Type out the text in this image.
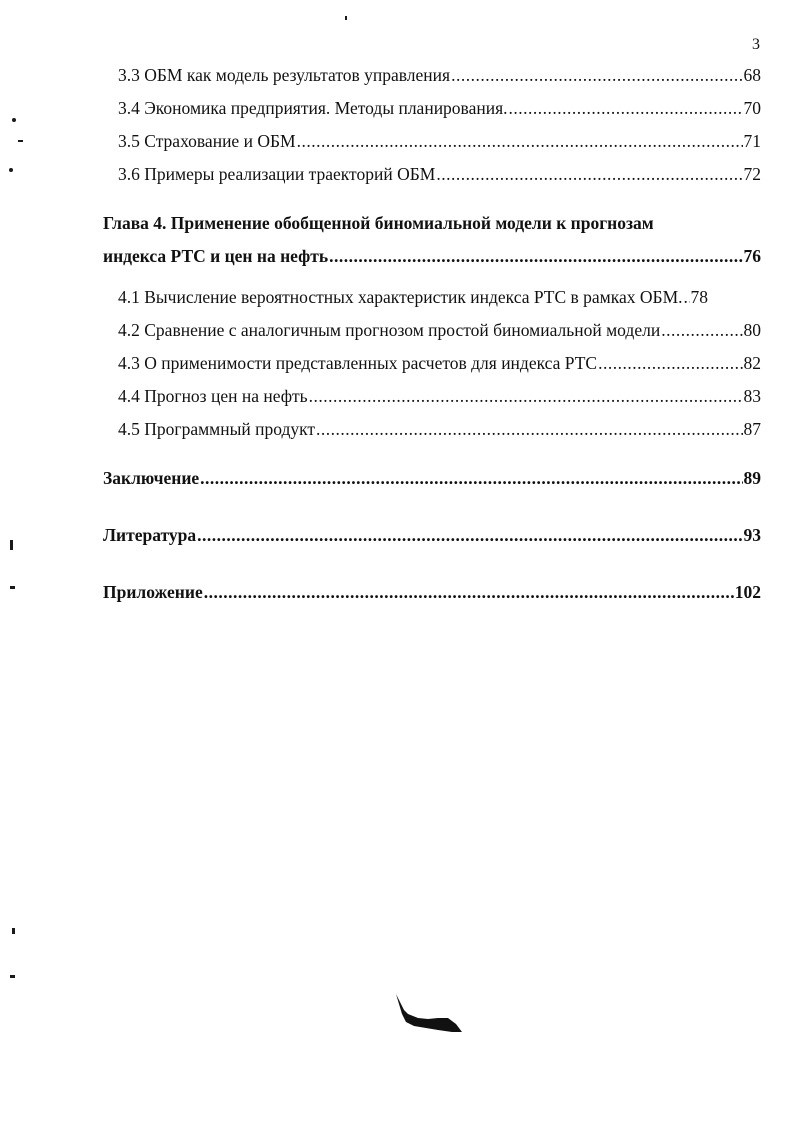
3
3.3 ОБМ как модель результатов управления .....	68
3.4 Экономика предприятия. Методы планирования. .....	70
3.5 Страхование и ОБМ .....	71
3.6 Примеры реализации траекторий ОБМ .....	72
Глава 4. Применение обобщенной биномиальной модели к прогнозам
индекса РТС и цен на нефть .....	76
4.1 Вычисление вероятностных характеристик индекса РТС в рамках ОБМ. ..... 78
4.2 Сравнение с аналогичным прогнозом простой биномиальной модели .....	80
4.3 О применимости представленных расчетов для индекса РТС .....	82
4.4 Прогноз цен на нефть .....	83
4.5 Программный продукт .....	87
Заключение .....	89
Литература .....	93
Приложение .....	102
